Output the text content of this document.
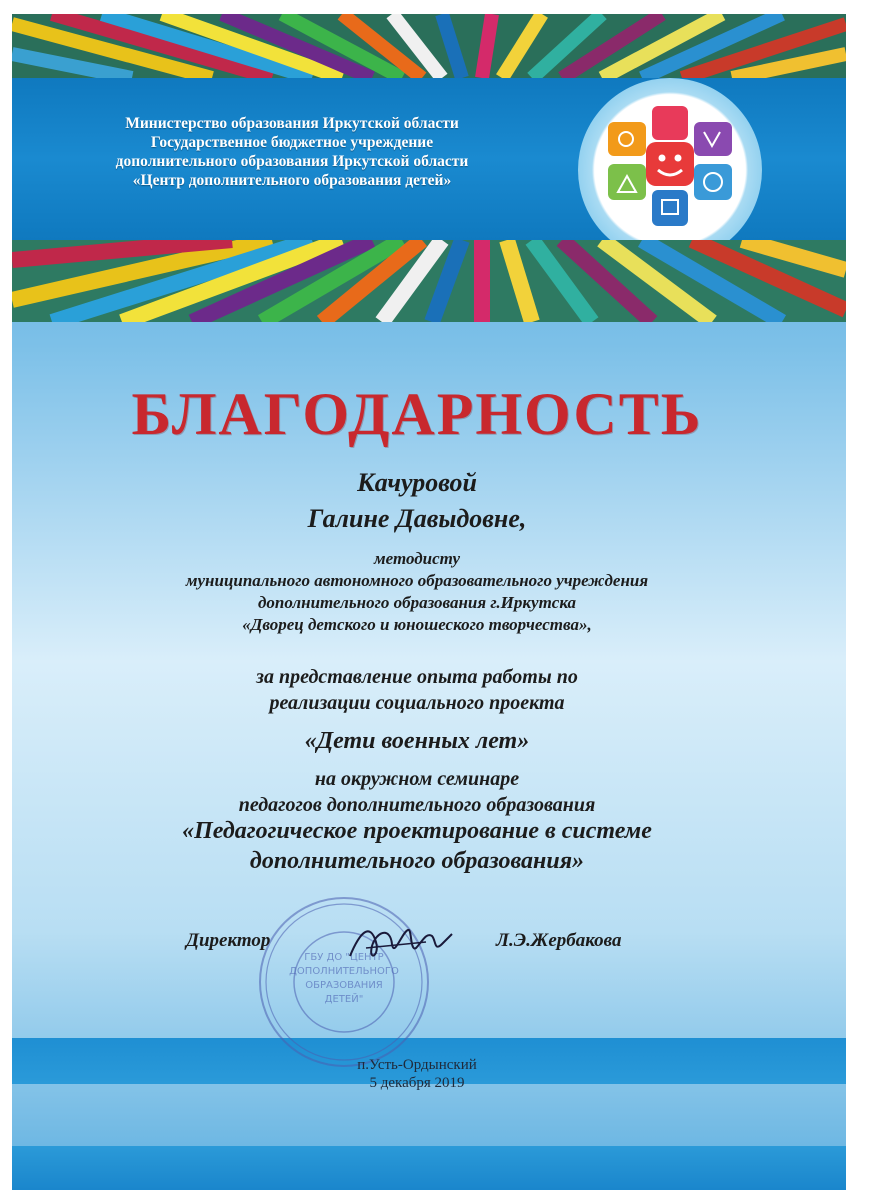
Министерство образования Иркутской области
Государственное бюджетное учреждение
дополнительного образования Иркутской области
«Центр дополнительного образования детей»
БЛАГОДАРНОСТЬ
Качуровой
Галине Давыдовне,
методисту
муниципального автономного образовательного учреждения
дополнительного образования г.Иркутска
«Дворец детского и юношеского творчества»,
за представление опыта работы по
реализации социального проекта
«Дети военных лет»
на окружном семинаре
педагогов дополнительного образования
«Педагогическое проектирование в системе
дополнительного образования»
ГБУ ДО "ЦЕНТР
ДОПОЛНИТЕЛЬНОГО
ОБРАЗОВАНИЯ
ДЕТЕЙ"
Директор	Л.Э.Жербакова
п.Усть-Ордынский
5 декабря 2019
